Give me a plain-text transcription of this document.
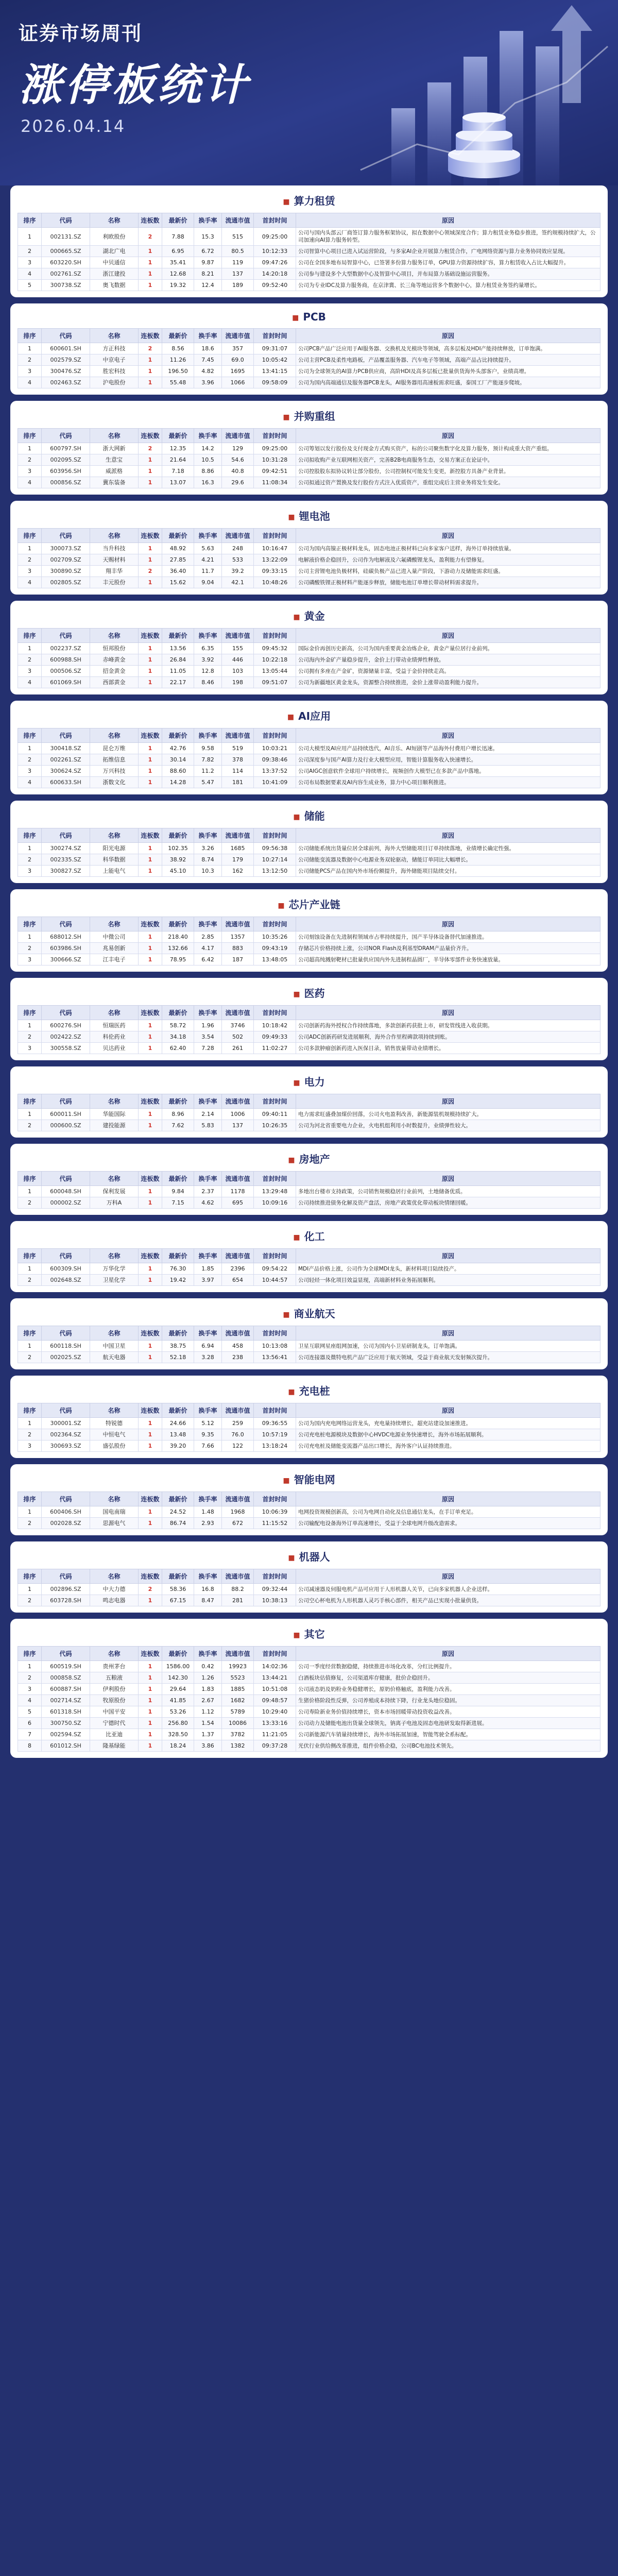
证券市场周刊
涨停板统计
2026.04.14
■ 算力租赁
排序	代码	名称	连板数	最新价	换手率	流通市值	首封时间	原因
1	002131.SZ	利欧股份	2	7.88	15.3	515	09:25:00	公司与国内头部云厂商签订算力服务框架协议，拟在数据中心领域深度合作；算力租赁业务稳步推进，签约规模持续扩大，公司加速向AI算力服务转型。
2	000665.SZ	湖北广电	1	6.95	6.72	80.5	10:12:33	公司智算中心项目已进入试运营阶段，与多家AI企业开展算力租赁合作，广电网络资源与算力业务协同效应显现。
3	603220.SH	中贝通信	1	35.41	9.87	119	09:47:26	公司在全国多地布局智算中心，已签署多份算力服务订单，GPU算力资源持续扩容，算力租赁收入占比大幅提升。
4	002761.SZ	浙江建投	1	12.68	8.21	137	14:20:18	公司参与建设多个大型数据中心及智算中心项目，并布局算力基础设施运营服务。
5	300738.SZ	奥飞数据	1	19.32	12.4	189	09:52:40	公司为专业IDC及算力服务商，在京津冀、长三角等地运营多个数据中心，算力租赁业务签约量增长。
■ PCB
排序	代码	名称	连板数	最新价	换手率	流通市值	首封时间	原因
1	600601.SH	方正科技	2	8.56	18.6	357	09:31:07	公司PCB产品广泛应用于AI服务器、交换机及光模块等领域，高多层板及HDI产能持续释放，订单饱满。
2	002579.SZ	中京电子	1	11.26	7.45	69.0	10:05:42	公司主营PCB及柔性电路板，产品覆盖服务器、汽车电子等领域，高端产品占比持续提升。
3	300476.SZ	胜宏科技	1	196.50	4.82	1695	13:41:15	公司为全球领先的AI算力PCB供应商，高阶HDI及高多层板已批量供货海外头部客户，业绩高增。
4	002463.SZ	沪电股份	1	55.48	3.96	1066	09:58:09	公司为国内高端通信及服务器PCB龙头，AI服务器用高速板需求旺盛，泰国工厂产能逐步爬坡。
■ 并购重组
排序	代码	名称	连板数	最新价	换手率	流通市值	首封时间	原因
1	600797.SH	浙大网新	2	12.35	14.2	129	09:25:00	公司筹划以发行股份及支付现金方式购买资产，标的公司聚焦数字化及算力服务，预计构成重大资产重组。
2	002095.SZ	生意宝	1	21.64	10.5	54.6	10:31:28	公司拟收购产业互联网相关资产，完善B2B电商服务生态，交易方案正在论证中。
3	603956.SH	威派格	1	7.18	8.86	40.8	09:42:51	公司控股股东拟协议转让部分股份，公司控制权可能发生变更，新控股方具备产业背景。
4	000856.SZ	冀东装备	1	13.07	16.3	29.6	11:08:34	公司拟通过资产置换及发行股份方式注入优质资产，重组完成后主营业务将发生变化。
■ 锂电池
排序	代码	名称	连板数	最新价	换手率	流通市值	首封时间	原因
1	300073.SZ	当升科技	1	48.92	5.63	248	10:16:47	公司为国内高镍正极材料龙头，固态电池正极材料已向多家客户送样，海外订单持续放量。
2	002709.SZ	天赐材料	1	27.85	4.21	533	13:22:09	电解液价格企稳回升，公司作为电解液及六氟磷酸锂龙头，盈利能力有望修复。
3	300890.SZ	翔丰华	2	36.40	11.7	39.2	09:33:15	公司主营锂电池负极材料，硅碳负极产品已进入量产阶段，下游动力及储能需求旺盛。
4	002805.SZ	丰元股份	1	15.62	9.04	42.1	10:48:26	公司磷酸铁锂正极材料产能逐步释放，储能电池订单增长带动材料需求提升。
■ 黄金
排序	代码	名称	连板数	最新价	换手率	流通市值	首封时间	原因
1	002237.SZ	恒邦股份	1	13.56	6.35	155	09:45:32	国际金价再创历史新高，公司为国内重要黄金冶炼企业，黄金产量位居行业前列。
2	600988.SH	赤峰黄金	1	26.84	3.92	446	10:22:18	公司海内外金矿产量稳步提升，金价上行带动业绩弹性释放。
3	000506.SZ	招金黄金	1	11.05	12.8	103	13:05:44	公司拥有多座在产金矿，资源储量丰富，受益于金价持续走高。
4	601069.SH	西部黄金	1	22.17	8.46	198	09:51:07	公司为新疆地区黄金龙头，资源整合持续推进，金价上涨带动盈利能力提升。
■ AI应用
排序	代码	名称	连板数	最新价	换手率	流通市值	首封时间	原因
1	300418.SZ	昆仑万维	1	42.76	9.58	519	10:03:21	公司大模型及AI应用产品持续迭代，AI音乐、AI短剧等产品海外付费用户增长迅速。
2	002261.SZ	拓维信息	1	30.14	7.82	378	09:38:46	公司深度参与国产AI算力及行业大模型应用，智能计算服务收入快速增长。
3	300624.SZ	万兴科技	1	88.60	11.2	114	13:37:52	公司AIGC创意软件全球用户持续增长，视频创作大模型已在多款产品中落地。
4	600633.SH	浙数文化	1	14.28	5.47	181	10:41:09	公司布局数据要素及AI内容生成业务，算力中心项目顺利推进。
■ 储能
排序	代码	名称	连板数	最新价	换手率	流通市值	首封时间	原因
1	300274.SZ	阳光电源	1	102.35	3.26	1685	09:56:38	公司储能系统出货量位居全球前列，海外大型储能项目订单持续落地，业绩增长确定性强。
2	002335.SZ	科华数据	1	38.92	8.74	179	10:27:14	公司储能变流器及数据中心电源业务双轮驱动，储能订单同比大幅增长。
3	300827.SZ	上能电气	1	45.10	10.3	162	13:12:50	公司储能PCS产品在国内外市场份额提升，海外储能项目陆续交付。
■ 芯片产业链
排序	代码	名称	连板数	最新价	换手率	流通市值	首封时间	原因
1	688012.SH	中微公司	1	218.40	2.85	1357	10:35:26	公司刻蚀设备在先进制程领域市占率持续提升，国产半导体设备替代加速推进。
2	603986.SH	兆易创新	1	132.66	4.17	883	09:43:19	存储芯片价格持续上涨，公司NOR Flash及利基型DRAM产品量价齐升。
3	300666.SZ	江丰电子	1	78.95	6.42	187	13:48:05	公司超高纯溅射靶材已批量供应国内外先进制程晶圆厂，半导体零部件业务快速放量。
■ 医药
排序	代码	名称	连板数	最新价	换手率	流通市值	首封时间	原因
1	600276.SH	恒瑞医药	1	58.72	1.96	3746	10:18:42	公司创新药海外授权合作持续落地，多款创新药获批上市，研发管线进入收获期。
2	002422.SZ	科伦药业	1	34.18	3.54	502	09:49:33	公司ADC创新药研发进展顺利，海外合作里程碑款项持续到账。
3	300558.SZ	贝达药业	1	62.40	7.28	261	11:02:27	公司多款肿瘤创新药进入医保目录，销售放量带动业绩增长。
■ 电力
排序	代码	名称	连板数	最新价	换手率	流通市值	首封时间	原因
1	600011.SH	华能国际	1	8.96	2.14	1006	09:40:11	电力需求旺盛叠加煤价回落，公司火电盈利改善，新能源装机规模持续扩大。
2	000600.SZ	建投能源	1	7.62	5.83	137	10:26:35	公司为河北省重要电力企业，火电机组利用小时数提升，业绩弹性较大。
■ 房地产
排序	代码	名称	连板数	最新价	换手率	流通市值	首封时间	原因
1	600048.SH	保利发展	1	9.84	2.37	1178	13:29:48	多地出台楼市支持政策，公司销售规模稳居行业前列，土地储备优质。
2	000002.SZ	万科A	1	7.15	4.62	695	10:09:16	公司持续推进债务化解及资产盘活，房地产政策优化带动板块情绪回暖。
■ 化工
排序	代码	名称	连板数	最新价	换手率	流通市值	首封时间	原因
1	600309.SH	万华化学	1	76.30	1.85	2396	09:54:22	MDI产品价格上涨，公司作为全球MDI龙头，新材料项目陆续投产。
2	002648.SZ	卫星化学	1	19.42	3.97	654	10:44:57	公司轻烃一体化项目效益显现，高端新材料业务拓展顺利。
■ 商业航天
排序	代码	名称	连板数	最新价	换手率	流通市值	首封时间	原因
1	600118.SH	中国卫星	1	38.75	6.94	458	10:13:08	卫星互联网星座组网加速，公司为国内小卫星研制龙头，订单饱满。
2	002025.SZ	航天电器	1	52.18	3.28	238	13:56:41	公司连接器及微特电机产品广泛应用于航天领域，受益于商业航天发射频次提升。
■ 充电桩
排序	代码	名称	连板数	最新价	换手率	流通市值	首封时间	原因
1	300001.SZ	特锐德	1	24.66	5.12	259	09:36:55	公司为国内充电网络运营龙头，充电量持续增长，超充站建设加速推进。
2	002364.SZ	中恒电气	1	13.48	9.35	76.0	10:57:19	公司充电桩电源模块及数据中心HVDC电源业务快速增长，海外市场拓展顺利。
3	300693.SZ	盛弘股份	1	39.20	7.66	122	13:18:24	公司充电桩及储能变流器产品出口增长，海外客户认证持续推进。
■ 智能电网
排序	代码	名称	连板数	最新价	换手率	流通市值	首封时间	原因
1	600406.SH	国电南瑞	1	24.52	1.48	1968	10:06:39	电网投资规模创新高，公司为电网自动化及信息通信龙头，在手订单充足。
2	002028.SZ	思源电气	1	86.74	2.93	672	11:15:52	公司输配电设备海外订单高速增长，受益于全球电网升级改造需求。
■ 机器人
排序	代码	名称	连板数	最新价	换手率	流通市值	首封时间	原因
1	002896.SZ	中大力德	2	58.36	16.8	88.2	09:32:44	公司减速器及伺服电机产品可应用于人形机器人关节，已向多家机器人企业送样。
2	603728.SH	鸣志电器	1	67.15	8.47	281	10:38:13	公司空心杯电机为人形机器人灵巧手核心部件，相关产品已实现小批量供货。
■ 其它
排序	代码	名称	连板数	最新价	换手率	流通市值	首封时间	原因
1	600519.SH	贵州茅台	1	1586.00	0.42	19923	14:02:36	公司一季度经营数据稳健，持续推进市场化改革，分红比例提升。
2	000858.SZ	五粮液	1	142.30	1.26	5523	13:44:21	白酒板块估值修复，公司渠道库存健康，批价企稳回升。
3	600887.SH	伊利股份	1	29.64	1.83	1885	10:51:08	公司液态奶及奶粉业务稳健增长，原奶价格触底，盈利能力改善。
4	002714.SZ	牧原股份	1	41.85	2.67	1682	09:48:57	生猪价格阶段性反弹，公司养殖成本持续下降，行业龙头地位稳固。
5	601318.SH	中国平安	1	53.26	1.12	5789	10:29:40	公司寿险新业务价值持续增长，资本市场回暖带动投资收益改善。
6	300750.SZ	宁德时代	1	256.80	1.54	10086	13:33:16	公司动力及储能电池出货量全球领先，钠离子电池及固态电池研发取得新进展。
7	002594.SZ	比亚迪	1	328.50	1.37	3782	11:21:05	公司新能源汽车销量持续增长，海外市场拓展加速，智能驾驶全系标配。
8	601012.SH	隆基绿能	1	18.24	3.86	1382	09:37:28	光伏行业供给侧改革推进，组件价格企稳，公司BC电池技术领先。
